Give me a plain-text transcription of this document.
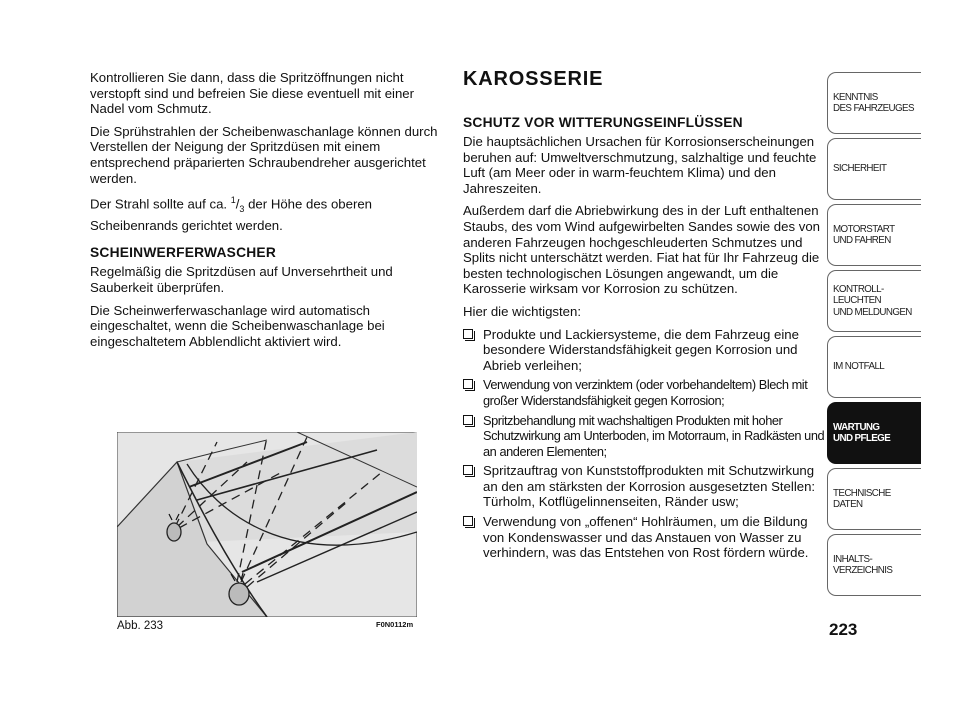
Kontrollieren Sie dann, dass die Spritzöffnungen nicht verstopft sind und befreien Sie diese eventuell mit einer Nadel vom Schmutz.

Die Sprühstrahlen der Scheibenwaschanlage können durch Verstellen der Neigung der Spritzdüsen mit einem entsprechend präparierten Schraubendreher ausgerichtet werden.

Der Strahl sollte auf ca. $^1/_3$ der Höhe des oberen Scheibenrands gerichtet werden.

SCHEINWERFERWASCHER

Regelmäßig die Spritzdüsen auf Unversehrtheit und Sauberkeit überprüfen.

Die Scheinwerferwaschanlage wird automatisch eingeschaltet, wenn die Scheibenwaschanlage bei eingeschaltetem Abblendlicht aktiviert wird.

Abb. 233	F0N0112m
KAROSSERIE
SCHUTZ VOR WITTERUNGSEINFLÜSSEN

Die hauptsächlichen Ursachen für Korrosionserscheinungen beruhen auf: Umweltverschmutzung, salzhaltige und feuchte Luft (am Meer oder in warm-feuchtem Klima) und den Jahreszeiten.

Außerdem darf die Abriebwirkung des in der Luft enthaltenen Staubs, des vom Wind aufgewirbelten Sandes sowie des von anderen Fahrzeugen hochgeschleuderten Schmutzes und Splits nicht unterschätzt werden. Fiat hat für Ihr Fahrzeug die besten technologischen Lösungen angewandt, um die Karosserie wirksam vor Korrosion zu schützen.

Hier die wichtigsten:

Produkte und Lackiersysteme, die dem Fahrzeug eine besondere Widerstandsfähigkeit gegen Korrosion und Abrieb verleihen;
Verwendung von verzinktem (oder vorbehandeltem) Blech mit großer Widerstandsfähigkeit gegen Korrosion;
Spritzbehandlung mit wachshaltigen Produkten mit hoher Schutzwirkung am Unterboden, im Motorraum, in Radkästen und an anderen Elementen;
Spritzauftrag von Kunststoffprodukten mit Schutzwirkung an den am stärksten der Korrosion ausgesetzten Stellen: Türholm, Kotflügelinnenseiten, Ränder usw;
Verwendung von „offenen“ Hohlräumen, um die Bildung von Kondenswasser und das Anstauen von Wasser zu verhindern, was das Entstehen von Rost fördern würde.
KENNTNIS
DES FAHRZEUGES
SICHERHEIT
MOTORSTART
UND FAHREN
KONTROLL-
LEUCHTEN
UND MELDUNGEN
IM NOTFALL
WARTUNG
UND PFLEGE
TECHNISCHE
DATEN
INHALTS-
VERZEICHNIS
223
